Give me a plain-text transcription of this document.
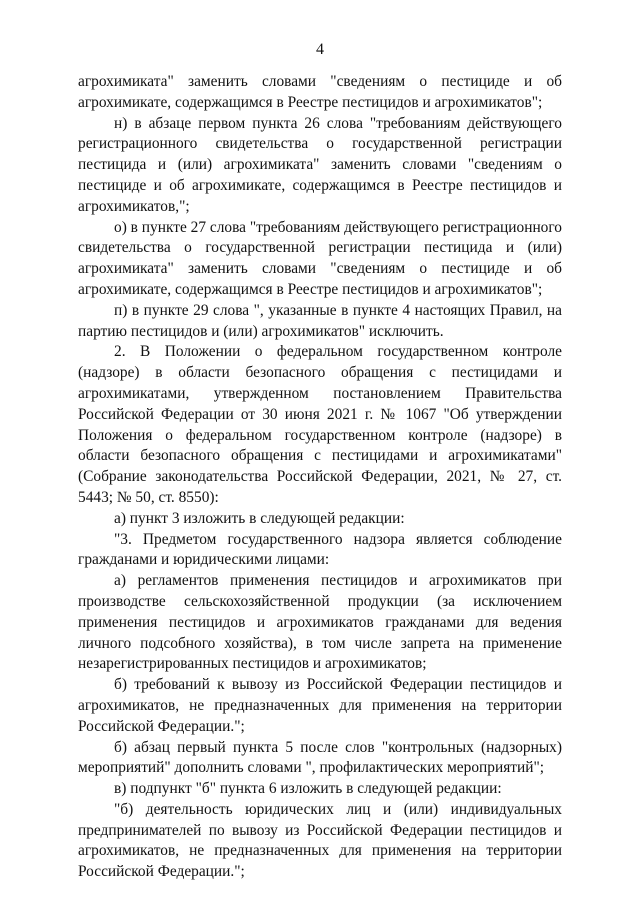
4

агрохимиката" заменить словами "сведениям о пестициде и об агрохимикате, содержащимся в Реестре пестицидов и агрохимикатов";

н) в абзаце первом пункта 26 слова "требованиям действующего регистрационного свидетельства о государственной регистрации пестицида и (или) агрохимиката" заменить словами "сведениям о пестициде и об агрохимикате, содержащимся в Реестре пестицидов и агрохимикатов,";

о) в пункте 27 слова "требованиям действующего регистрационного свидетельства о государственной регистрации пестицида и (или) агрохимиката" заменить словами "сведениям о пестициде и об агрохимикате, содержащимся в Реестре пестицидов и агрохимикатов";

п) в пункте 29 слова ", указанные в пункте 4 настоящих Правил, на партию пестицидов и (или) агрохимикатов" исключить.

2. В Положении о федеральном государственном контроле (надзоре) в области безопасного обращения с пестицидами и агрохимикатами, утвержденном постановлением Правительства Российской Федерации от 30 июня 2021 г. № 1067 "Об утверждении Положения о федеральном государственном контроле (надзоре) в области безопасного обращения с пестицидами и агрохимикатами" (Собрание законодательства Российской Федерации, 2021, № 27, ст. 5443; № 50, ст. 8550):

а) пункт 3 изложить в следующей редакции:

"3. Предметом государственного надзора является соблюдение гражданами и юридическими лицами:

а) регламентов применения пестицидов и агрохимикатов при производстве сельскохозяйственной продукции (за исключением применения пестицидов и агрохимикатов гражданами для ведения личного подсобного хозяйства), в том числе запрета на применение незарегистрированных пестицидов и агрохимикатов;

б) требований к вывозу из Российской Федерации пестицидов и агрохимикатов, не предназначенных для применения на территории Российской Федерации.";

б) абзац первый пункта 5 после слов "контрольных (надзорных) мероприятий" дополнить словами ", профилактических мероприятий";

в) подпункт "б" пункта 6 изложить в следующей редакции:

"б) деятельность юридических лиц и (или) индивидуальных предпринимателей по вывозу из Российской Федерации пестицидов и агрохимикатов, не предназначенных для применения на территории Российской Федерации.";
